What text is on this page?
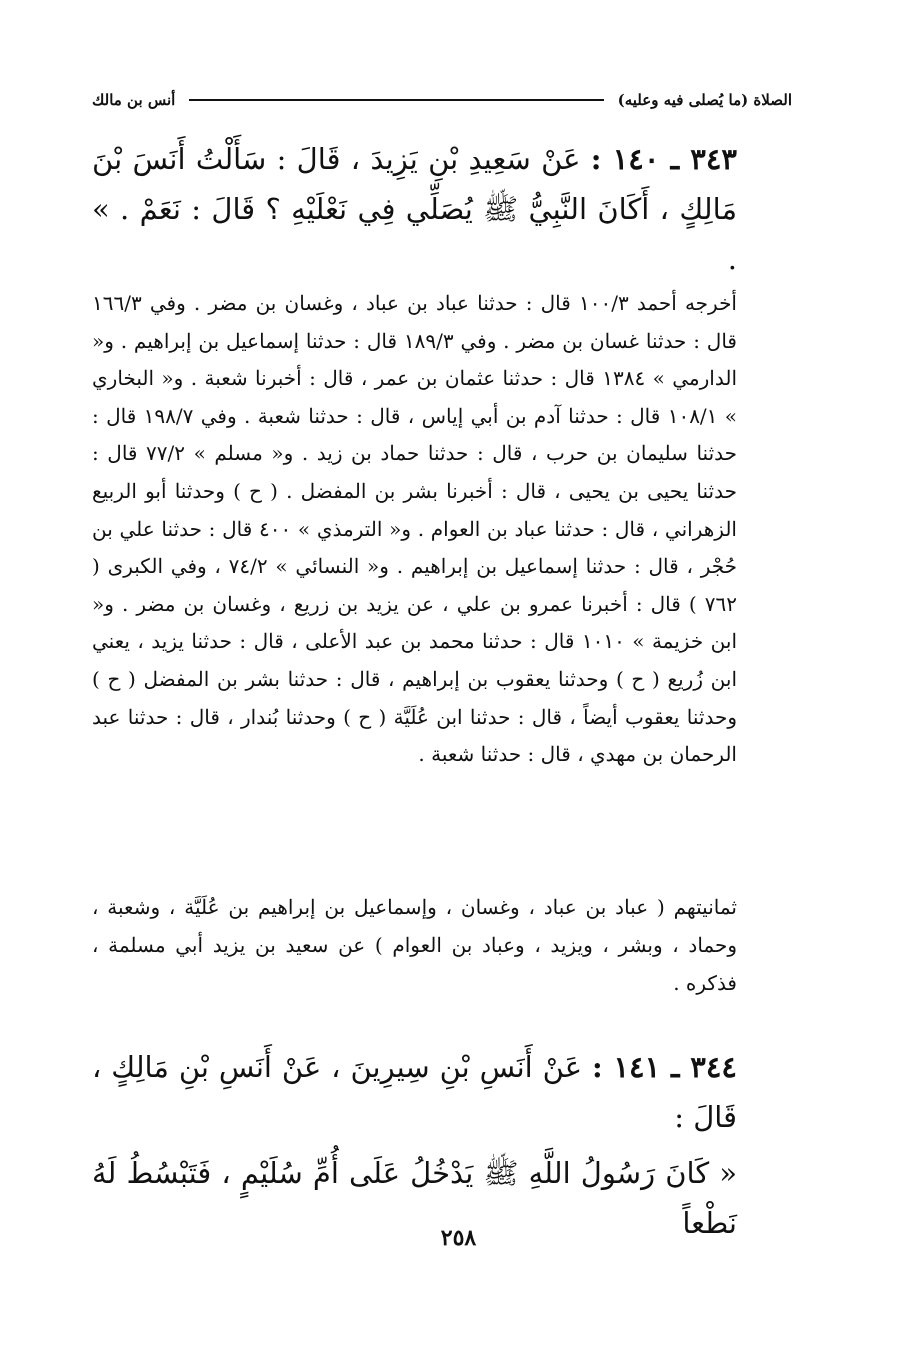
الصلاة (ما يُصلى فيه وعليه)
أنس بن مالك

٣٤٣ ـ ١٤٠ : عَنْ سَعِيدِ بْنِ يَزِيدَ ، قَالَ : سَأَلْتُ أَنَسَ بْنَ مَالِكٍ ، أَكَانَ النَّبِيُّ ﷺ يُصَلِّي فِي نَعْلَيْهِ ؟ قَالَ : نَعَمْ . » .

أخرجه أحمد ١٠٠/٣ قال : حدثنا عباد بن عباد ، وغسان بن مضر . وفي ١٦٦/٣ قال : حدثنا غسان بن مضر . وفي ١٨٩/٣ قال : حدثنا إسماعيل بن إبراهيم . و« الدارمي » ١٣٨٤ قال : حدثنا عثمان بن عمر ، قال : أخبرنا شعبة . و« البخاري » ١٠٨/١ قال : حدثنا آدم بن أبي إياس ، قال : حدثنا شعبة . وفي ١٩٨/٧ قال : حدثنا سليمان بن حرب ، قال : حدثنا حماد بن زيد . و« مسلم » ٧٧/٢ قال : حدثنا يحيى بن يحيى ، قال : أخبرنا بشر بن المفضل . ( ح ) وحدثنا أبو الربيع الزهراني ، قال : حدثنا عباد بن العوام . و« الترمذي » ٤٠٠ قال : حدثنا علي بن حُجْر ، قال : حدثنا إسماعيل بن إبراهيم . و« النسائي » ٧٤/٢ ، وفي الكبرى ( ٧٦٢ ) قال : أخبرنا عمرو بن علي ، عن يزيد بن زريع ، وغسان بن مضر . و« ابن خزيمة » ١٠١٠ قال : حدثنا محمد بن عبد الأعلى ، قال : حدثنا يزيد ، يعني ابن زُريع ( ح ) وحدثنا يعقوب بن إبراهيم ، قال : حدثنا بشر بن المفضل ( ح ) وحدثنا يعقوب أيضاً ، قال : حدثنا ابن عُلَيَّة ( ح ) وحدثنا بُندار ، قال : حدثنا عبد الرحمان بن مهدي ، قال : حدثنا شعبة .

ثمانيتهم ( عباد بن عباد ، وغسان ، وإسماعيل بن إبراهيم بن عُلَيَّة ، وشعبة ، وحماد ، وبشر ، ويزيد ، وعباد بن العوام ) عن سعيد بن يزيد أبي مسلمة ، فذكره .

٣٤٤ ـ ١٤١ : عَنْ أَنَسِ بْنِ سِيرِينَ ، عَنْ أَنَسِ بْنِ مَالِكٍ ، قَالَ :

« كَانَ رَسُولُ اللَّهِ ﷺ يَدْخُلُ عَلَى أُمِّ سُلَيْمٍ ، فَتَبْسُطُ لَهُ نَطْعاً

٢٥٨
